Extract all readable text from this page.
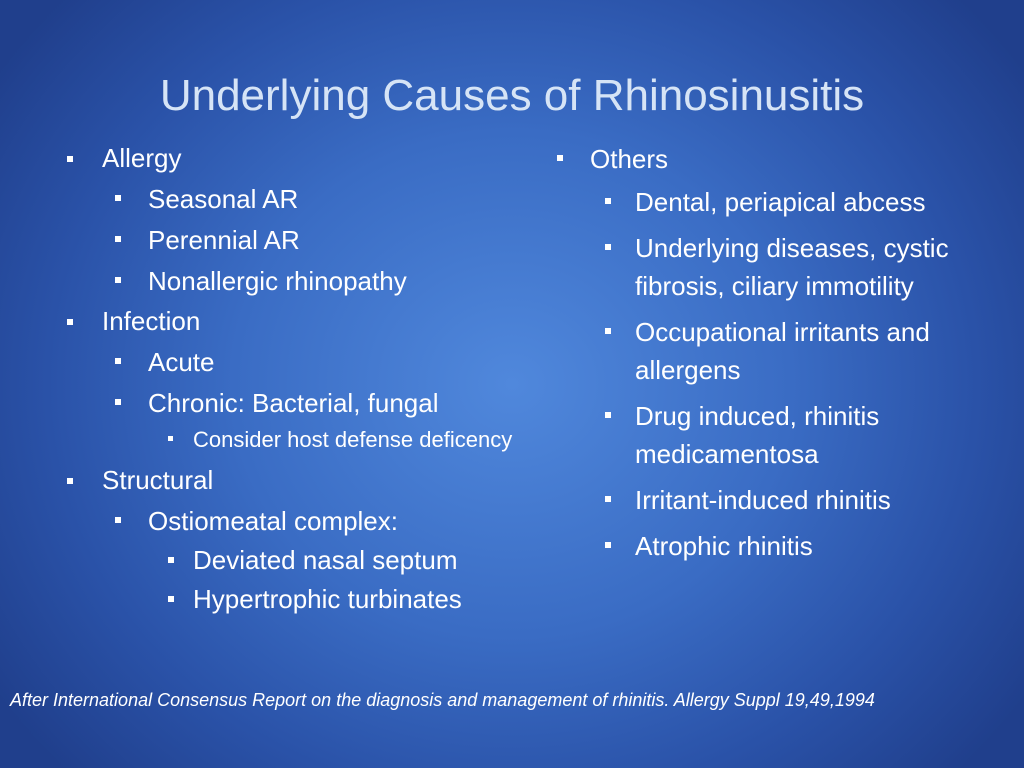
Underlying Causes of Rhinosinusitis
Allergy
Seasonal AR
Perennial AR
Nonallergic rhinopathy
Infection
Acute
Chronic: Bacterial, fungal
Consider host defense deficency
Structural
Ostiomeatal complex:
Deviated nasal septum
Hypertrophic turbinates
Others
Dental, periapical abcess
Underlying diseases, cystic fibrosis, ciliary immotility
Occupational irritants and allergens
Drug induced, rhinitis medicamentosa
Irritant-induced rhinitis
Atrophic rhinitis
After International Consensus Report on the diagnosis and management of rhinitis. Allergy Suppl 19,49,1994
